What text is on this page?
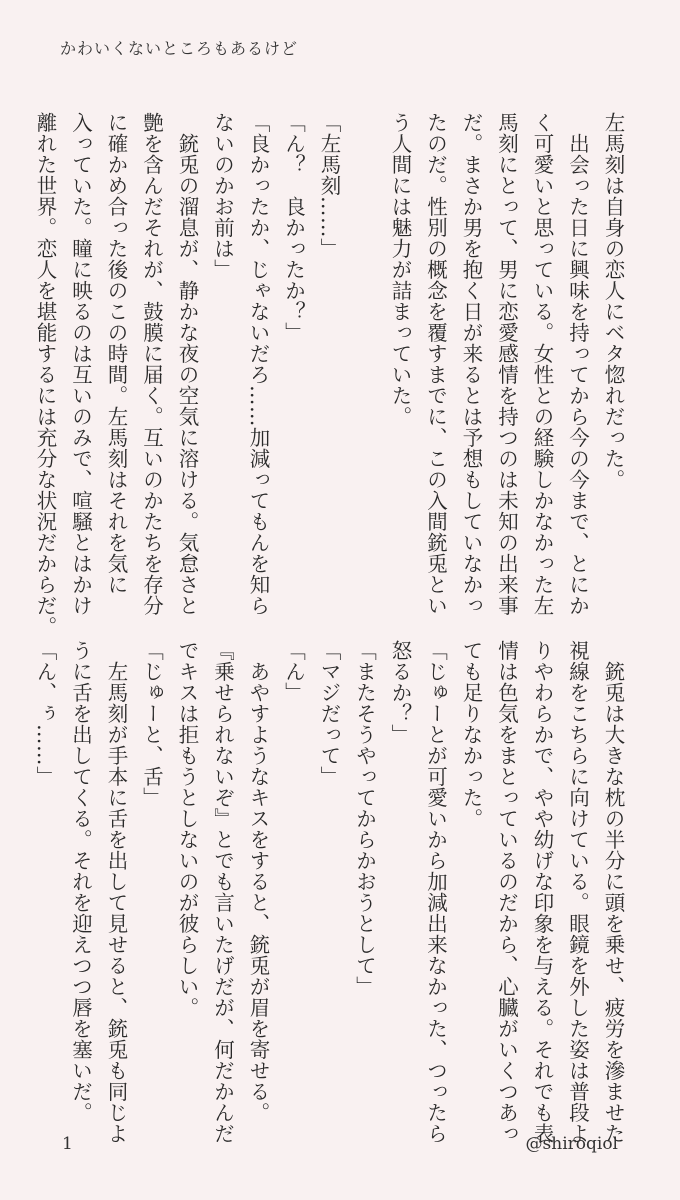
かわいくないところもあるけど

左馬刻は自身の恋人にベタ惚れだった。

　出会った日に興味を持ってから今の今まで、とにか

く可愛いと思っている。女性との経験しかなかった左

馬刻にとって、男に恋愛感情を持つのは未知の出来事

だ。まさか男を抱く日が来るとは予想もしていなかっ

たのだ。性別の概念を覆すまでに、この入間銃兎とい

う人間には魅力が詰まっていた。

「左馬刻……」

「ん？　良かったか？」

「良かったか、じゃないだろ……加減ってもんを知ら

ないのかお前は」

　銃兎の溜息が、静かな夜の空気に溶ける。気怠さと

艶を含んだそれが、鼓膜に届く。互いのかたちを存分

に確かめ合った後のこの時間。左馬刻はそれを気に

入っていた。瞳に映るのは互いのみで、喧騒とはかけ

離れた世界。恋人を堪能するには充分な状況だからだ。

　銃兎は大きな枕の半分に頭を乗せ、疲労を滲ませた

視線をこちらに向けている。眼鏡を外した姿は普段よ

りやわらかで、やや幼げな印象を与える。それでも表

情は色気をまとっているのだから、心臓がいくつあっ

ても足りなかった。

「じゅーとが可愛いから加減出来なかった、つったら

怒るか？」

「またそうやってからかおうとして」

「マジだって」

「ん」

　あやすようなキスをすると、銃兎が眉を寄せる。

『乗せられないぞ』とでも言いたげだが、何だかんだ

でキスは拒もうとしないのが彼らしい。

「じゅーと、舌」

　左馬刻が手本に舌を出して見せると、銃兎も同じよ

うに舌を出してくる。それを迎えつつ唇を塞いだ。

「ん、ぅ……」

1	@shiroqiol
